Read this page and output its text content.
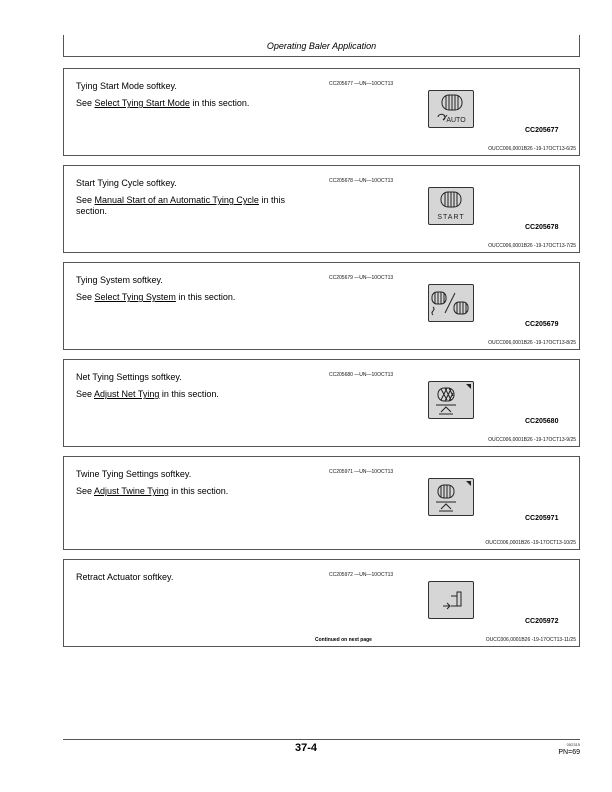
Operating Baler Application
Tying Start Mode softkey.
See Select Tying Start Mode in this section.
CC205677 —UN—10OCT13
AUTO
CC205677
OUCC006,0001B26 -19-17OCT13-6/25
Start Tying Cycle softkey.
See Manual Start of an Automatic Tying Cycle in this section.
CC205678 —UN—10OCT13
START
CC205678
OUCC006,0001B26 -19-17OCT13-7/25
Tying System softkey.
See Select Tying System in this section.
CC205679 —UN—10OCT13
CC205679
OUCC006,0001B26 -19-17OCT13-8/25
Net Tying Settings softkey.
See Adjust Net Tying in this section.
CC205680 —UN—10OCT13
CC205680
OUCC006,0001B26 -19-17OCT13-9/25
Twine Tying Settings softkey.
See Adjust Twine Tying in this section.
CC205971 —UN—10OCT13
CC205971
OUCC006,0001B26 -19-17OCT13-10/25
Retract Actuator softkey.	CC205972 —UN—10OCT13
CC205972
Continued on next page	OUCC006,0001B26 -19-17OCT13-11/25
37-4	052315
PN=69
